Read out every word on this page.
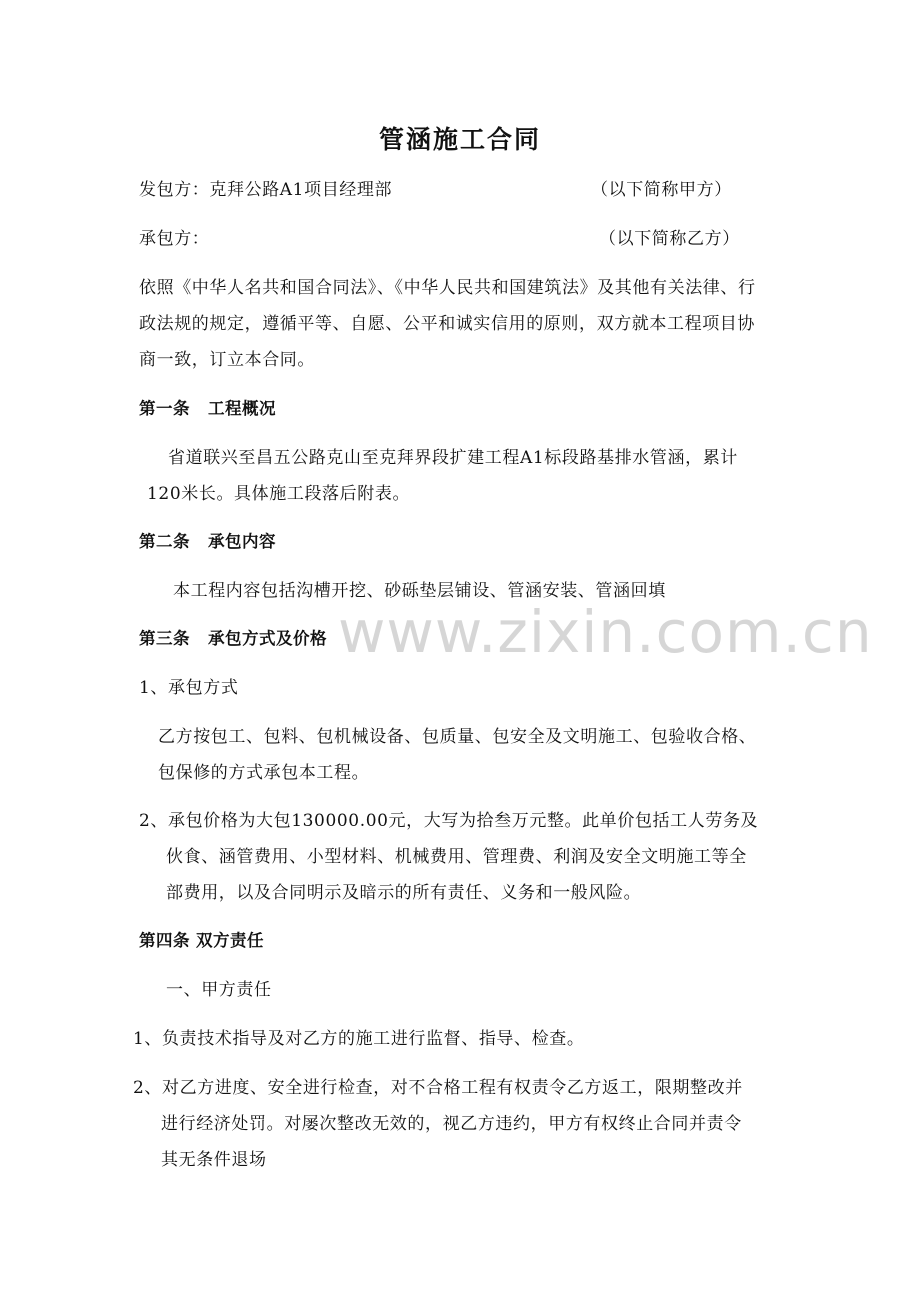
管涵施工合同
发包方：克拜公路A1项目经理部	（以下简称甲方）
承包方：	（以下简称乙方）
依照《中华人名共和国合同法》、《中华人民共和国建筑法》及其他有关法律、行
政法规的规定，遵循平等、自愿、公平和诚实信用的原则，双方就本工程项目协
商一致，订立本合同。
第一条 工程概况
省道联兴至昌五公路克山至克拜界段扩建工程A1标段路基排水管涵，累计
120米长。具体施工段落后附表。
第二条 承包内容
本工程内容包括沟槽开挖、砂砾垫层铺设、管涵安装、管涵回填
第三条 承包方式及价格
1、承包方式
乙方按包工、包料、包机械设备、包质量、包安全及文明施工、包验收合格、
包保修的方式承包本工程。
2、承包价格为大包130000.00元，大写为拾叁万元整。此单价包括工人劳务及
伙食、涵管费用、小型材料、机械费用、管理费、利润及安全文明施工等全
部费用，以及合同明示及暗示的所有责任、义务和一般风险。
第四条 双方责任
一、甲方责任
1、负责技术指导及对乙方的施工进行监督、指导、检查。
2、对乙方进度、安全进行检查，对不合格工程有权责令乙方返工，限期整改并
进行经济处罚。对屡次整改无效的，视乙方违约，甲方有权终止合同并责令
其无条件退场
www.zixin.com.cn
